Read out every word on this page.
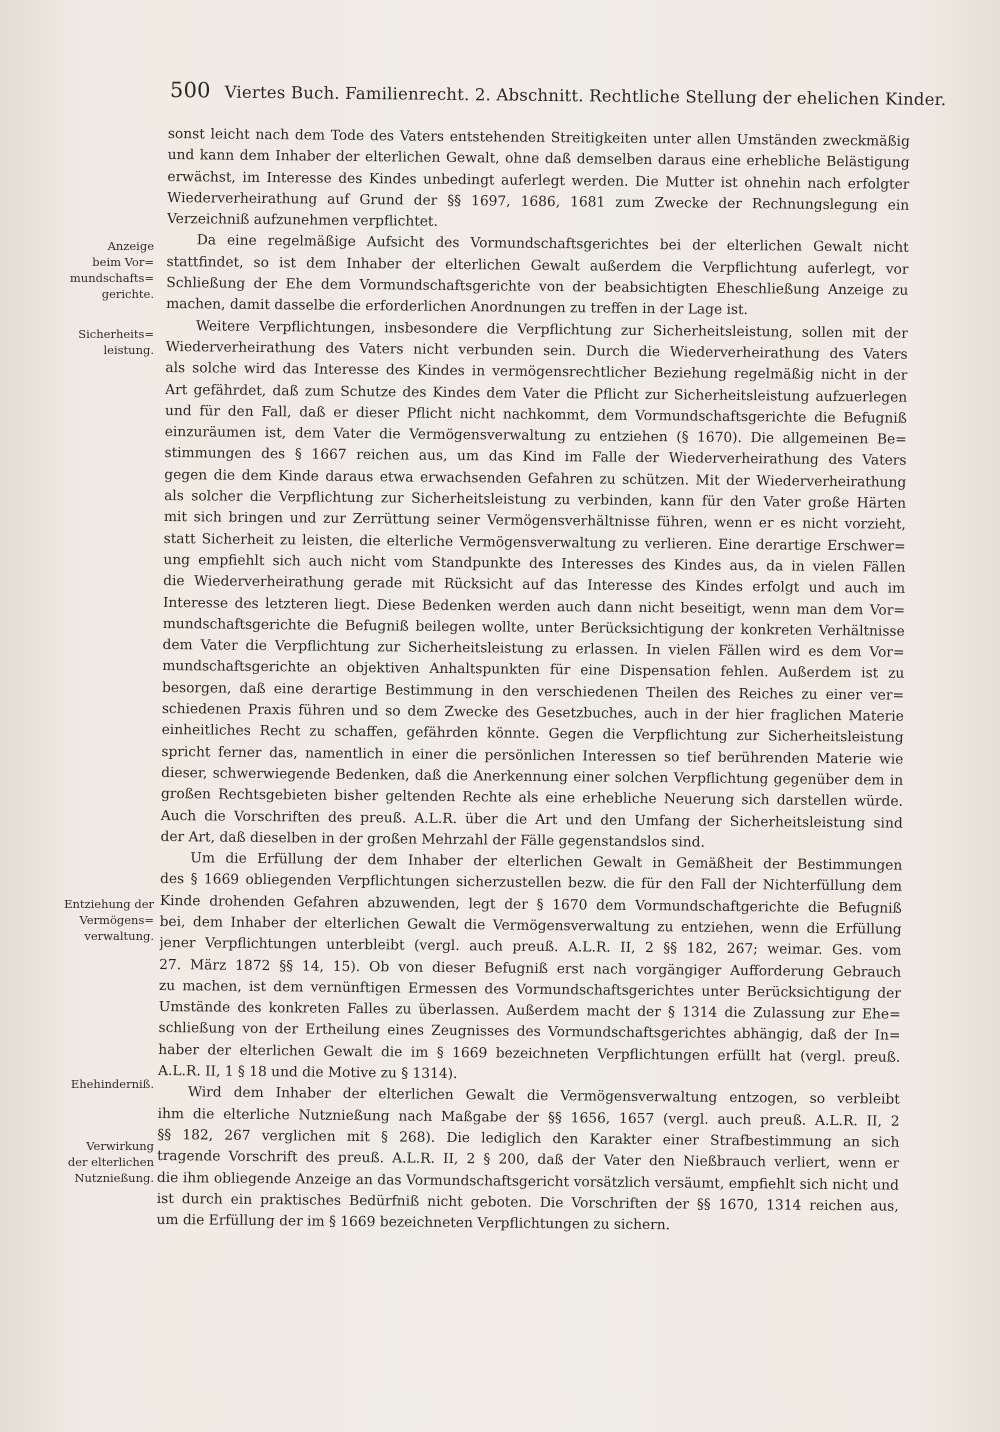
500 Viertes Buch. Familienrecht. 2. Abschnitt. Rechtliche Stellung der ehelichen Kinder.
Anzeige
beim Vor=
mundschafts=
gerichte.
Sicherheits=
leistung.
Entziehung der
Vermögens=
verwaltung.
Ehehinderniß.
Verwirkung
der elterlichen
Nutznießung.
sonst leicht nach dem Tode des Vaters entstehenden Streitigkeiten unter allen Umständen zweckmäßig
und kann dem Inhaber der elterlichen Gewalt, ohne daß demselben daraus eine erhebliche Belästigung
erwächst, im Interesse des Kindes unbedingt auferlegt werden. Die Mutter ist ohnehin nach erfolgter
Wiederverheirathung auf Grund der §§ 1697, 1686, 1681 zum Zwecke der Rechnungslegung ein
Verzeichniß aufzunehmen verpflichtet.
Da eine regelmäßige Aufsicht des Vormundschaftsgerichtes bei der elterlichen Gewalt nicht
stattfindet, so ist dem Inhaber der elterlichen Gewalt außerdem die Verpflichtung auferlegt, vor
Schließung der Ehe dem Vormundschaftsgerichte von der beabsichtigten Eheschließung Anzeige zu
machen, damit dasselbe die erforderlichen Anordnungen zu treffen in der Lage ist.
Weitere Verpflichtungen, insbesondere die Verpflichtung zur Sicherheitsleistung, sollen mit der
Wiederverheirathung des Vaters nicht verbunden sein. Durch die Wiederverheirathung des Vaters
als solche wird das Interesse des Kindes in vermögensrechtlicher Beziehung regelmäßig nicht in der
Art gefährdet, daß zum Schutze des Kindes dem Vater die Pflicht zur Sicherheitsleistung aufzuerlegen
und für den Fall, daß er dieser Pflicht nicht nachkommt, dem Vormundschaftsgerichte die Befugniß
einzuräumen ist, dem Vater die Vermögensverwaltung zu entziehen (§ 1670). Die allgemeinen Be=
stimmungen des § 1667 reichen aus, um das Kind im Falle der Wiederverheirathung des Vaters
gegen die dem Kinde daraus etwa erwachsenden Gefahren zu schützen. Mit der Wiederverheirathung
als solcher die Verpflichtung zur Sicherheitsleistung zu verbinden, kann für den Vater große Härten
mit sich bringen und zur Zerrüttung seiner Vermögensverhältnisse führen, wenn er es nicht vorzieht,
statt Sicherheit zu leisten, die elterliche Vermögensverwaltung zu verlieren. Eine derartige Erschwer=
ung empfiehlt sich auch nicht vom Standpunkte des Interesses des Kindes aus, da in vielen Fällen
die Wiederverheirathung gerade mit Rücksicht auf das Interesse des Kindes erfolgt und auch im
Interesse des letzteren liegt. Diese Bedenken werden auch dann nicht beseitigt, wenn man dem Vor=
mundschaftsgerichte die Befugniß beilegen wollte, unter Berücksichtigung der konkreten Verhältnisse
dem Vater die Verpflichtung zur Sicherheitsleistung zu erlassen. In vielen Fällen wird es dem Vor=
mundschaftsgerichte an objektiven Anhaltspunkten für eine Dispensation fehlen. Außerdem ist zu
besorgen, daß eine derartige Bestimmung in den verschiedenen Theilen des Reiches zu einer ver=
schiedenen Praxis führen und so dem Zwecke des Gesetzbuches, auch in der hier fraglichen Materie
einheitliches Recht zu schaffen, gefährden könnte. Gegen die Verpflichtung zur Sicherheitsleistung
spricht ferner das, namentlich in einer die persönlichen Interessen so tief berührenden Materie wie
dieser, schwerwiegende Bedenken, daß die Anerkennung einer solchen Verpflichtung gegenüber dem in
großen Rechtsgebieten bisher geltenden Rechte als eine erhebliche Neuerung sich darstellen würde.
Auch die Vorschriften des preuß. A.L.R. über die Art und den Umfang der Sicherheitsleistung sind
der Art, daß dieselben in der großen Mehrzahl der Fälle gegenstandslos sind.
Um die Erfüllung der dem Inhaber der elterlichen Gewalt in Gemäßheit der Bestimmungen
des § 1669 obliegenden Verpflichtungen sicherzustellen bezw. die für den Fall der Nichterfüllung dem
Kinde drohenden Gefahren abzuwenden, legt der § 1670 dem Vormundschaftgerichte die Befugniß
bei, dem Inhaber der elterlichen Gewalt die Vermögensverwaltung zu entziehen, wenn die Erfüllung
jener Verpflichtungen unterbleibt (vergl. auch preuß. A.L.R. II, 2 §§ 182, 267; weimar. Ges. vom
27. März 1872 §§ 14, 15). Ob von dieser Befugniß erst nach vorgängiger Aufforderung Gebrauch
zu machen, ist dem vernünftigen Ermessen des Vormundschaftsgerichtes unter Berücksichtigung der
Umstände des konkreten Falles zu überlassen. Außerdem macht der § 1314 die Zulassung zur Ehe=
schließung von der Ertheilung eines Zeugnisses des Vormundschaftsgerichtes abhängig, daß der In=
haber der elterlichen Gewalt die im § 1669 bezeichneten Verpflichtungen erfüllt hat (vergl. preuß.
A.L.R. II, 1 § 18 und die Motive zu § 1314).
Wird dem Inhaber der elterlichen Gewalt die Vermögensverwaltung entzogen, so verbleibt
ihm die elterliche Nutznießung nach Maßgabe der §§ 1656, 1657 (vergl. auch preuß. A.L.R. II, 2
§§ 182, 267 verglichen mit § 268). Die lediglich den Karakter einer Strafbestimmung an sich
tragende Vorschrift des preuß. A.L.R. II, 2 § 200, daß der Vater den Nießbrauch verliert, wenn er
die ihm obliegende Anzeige an das Vormundschaftsgericht vorsätzlich versäumt, empfiehlt sich nicht und
ist durch ein praktisches Bedürfniß nicht geboten. Die Vorschriften der §§ 1670, 1314 reichen aus,
um die Erfüllung der im § 1669 bezeichneten Verpflichtungen zu sichern.
